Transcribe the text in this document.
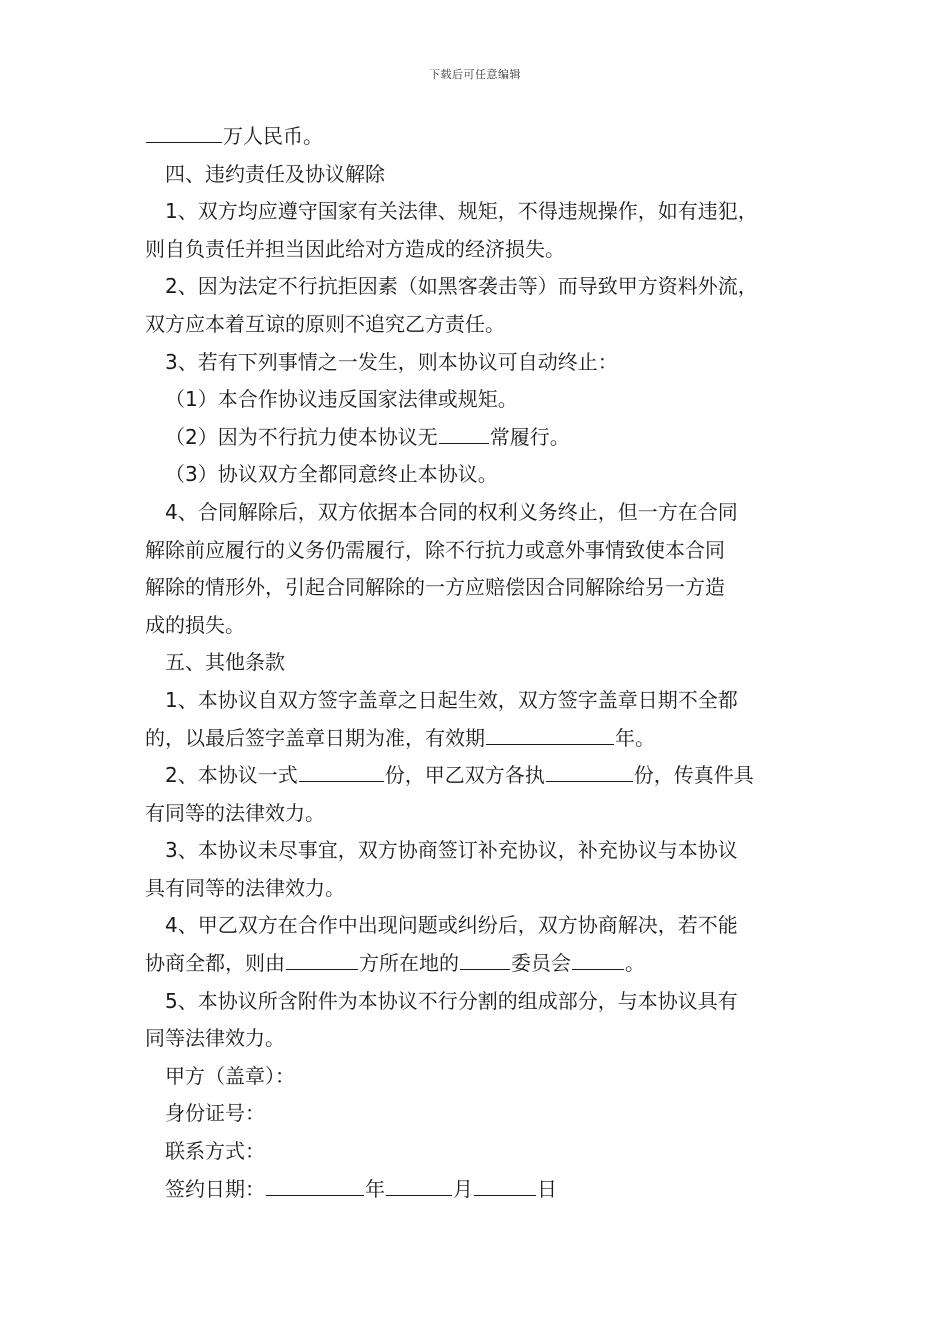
下载后可任意编辑
万人民币。
四、违约责任及协议解除
1、双方均应遵守国家有关法律、规矩，不得违规操作，如有违犯，
则自负责任并担当因此给对方造成的经济损失。
2、因为法定不行抗拒因素（如黑客袭击等）而导致甲方资料外流，
双方应本着互谅的原则不追究乙方责任。
3、若有下列事情之一发生，则本协议可自动终止：
（1）本合作协议违反国家法律或规矩。
（2）因为不行抗力使本协议无	常履行。
（3）协议双方全都同意终止本协议。
4、合同解除后，双方依据本合同的权利义务终止，但一方在合同
解除前应履行的义务仍需履行，除不行抗力或意外事情致使本合同
解除的情形外，引起合同解除的一方应赔偿因合同解除给另一方造
成的损失。
五、其他条款
1、本协议自双方签字盖章之日起生效，双方签字盖章日期不全都
的，以最后签字盖章日期为准，有效期	年。
2、本协议一式	份，甲乙双方各执	份，传真件具
有同等的法律效力。
3、本协议未尽事宜，双方协商签订补充协议，补充协议与本协议
具有同等的法律效力。
4、甲乙双方在合作中出现问题或纠纷后，双方协商解决，若不能
协商全都，则由	方所在地的	委员会	。
5、本协议所含附件为本协议不行分割的组成部分，与本协议具有
同等法律效力。
甲方（盖章）：
身份证号：
联系方式：
签约日期：	年	月	日
